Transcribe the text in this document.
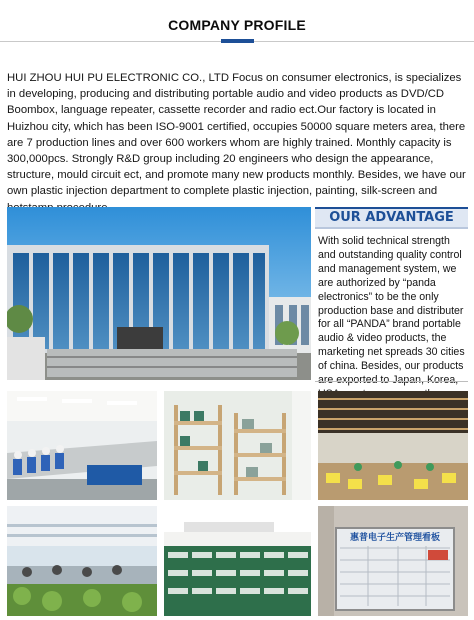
COMPANY PROFILE

HUI ZHOU HUI PU ELECTRONIC CO., LTD Focus on consumer electronics, is specializes in developing, producing and distributing portable audio and video products as DVD/CD Boombox, language repeater, cassette recorder and radio ect.Our factory is located in Huizhou city, which has been ISO-9001 certified, occupies 50000 square meters area, there are 7 production lines and over 600 workers whom are highly trained. Monthly capacity is 300,000pcs. Strongly R&D group including 20 engineers who design the appearance, structure, mould circuit ect, and promote many new products monthly. Besides, we have our own plastic injection department to complete plastic injection, painting, silk-screen and

OUR ADVANTAGE

With solid technical strength and outstanding quality control and management system, we are authorized by “panda electronics” to be the only production base and distributer for all “PANDA” brand portable audio & video products, the marketing net spreads 30 cities of china. Besides, our products

惠普电子生产管理看板
